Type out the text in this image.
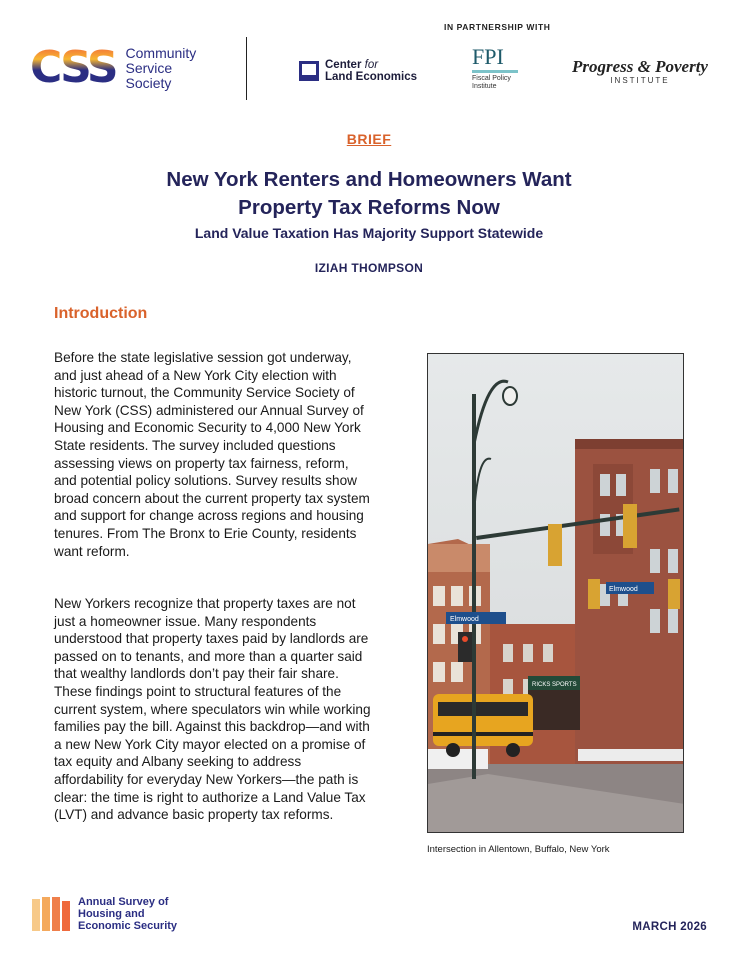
CSS Community
Service
Society
IN PARTNERSHIP WITH
Center for
Land Economics
FPI
Fiscal Policy
Institute
Progress & Poverty
INSTITUTE
BRIEF
New York Renters and Homeowners Want
Property Tax Reforms Now
Land Value Taxation Has Majority Support Statewide
IZIAH THOMPSON
Introduction
Before the state legislative session got underway, and just ahead of a New York City election with historic turnout, the Community Service Society of New York (CSS) administered our Annual Survey of Housing and Economic Security to 4,000 New York State residents. The survey included questions assessing views on property tax fairness, reform, and potential policy solutions. Survey results show broad concern about the current property tax system and support for change across regions and housing tenures. From The Bronx to Erie County, residents want reform.
New Yorkers recognize that property taxes are not just a homeowner issue. Many respondents understood that property taxes paid by landlords are passed on to tenants, and more than a quarter said that wealthy landlords don’t pay their fair share. These findings point to structural features of the current system, where speculators win while working families pay the bill. Against this backdrop—and with a new New York City mayor elected on a promise of tax equity and Albany seeking to address affordability for everyday New Yorkers—the path is clear: the time is right to authorize a Land Value Tax (LVT) and advance basic property tax reforms.
RICKS SPORTS
Elmwood
Elmwood
Intersection in Allentown, Buffalo, New York
Annual Survey of
Housing and
Economic Security	MARCH 2026
